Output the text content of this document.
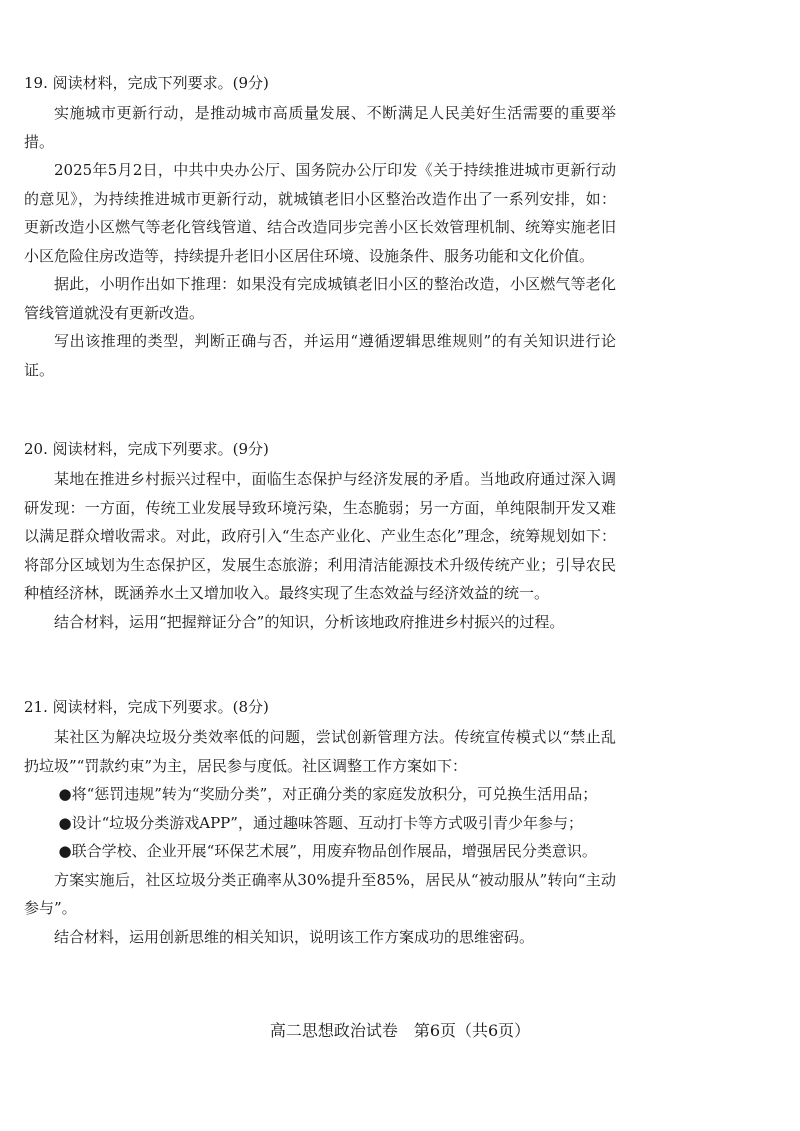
19. 阅读材料，完成下列要求。(9分)

实施城市更新行动，是推动城市高质量发展、不断满足人民美好生活需要的重要举措。

2025年5月2日，中共中央办公厅、国务院办公厅印发《关于持续推进城市更新行动的意见》，为持续推进城市更新行动，就城镇老旧小区整治改造作出了一系列安排，如：更新改造小区燃气等老化管线管道、结合改造同步完善小区长效管理机制、统筹实施老旧小区危险住房改造等，持续提升老旧小区居住环境、设施条件、服务功能和文化价值。

据此，小明作出如下推理：如果没有完成城镇老旧小区的整治改造，小区燃气等老化管线管道就没有更新改造。

写出该推理的类型，判断正确与否，并运用“遵循逻辑思维规则”的有关知识进行论证。

20. 阅读材料，完成下列要求。(9分)

某地在推进乡村振兴过程中，面临生态保护与经济发展的矛盾。当地政府通过深入调研发现：一方面，传统工业发展导致环境污染，生态脆弱；另一方面，单纯限制开发又难以满足群众增收需求。对此，政府引入“生态产业化、产业生态化”理念，统筹规划如下：将部分区域划为生态保护区，发展生态旅游；利用清洁能源技术升级传统产业；引导农民种植经济林，既涵养水土又增加收入。最终实现了生态效益与经济效益的统一。

结合材料，运用“把握辩证分合”的知识，分析该地政府推进乡村振兴的过程。

21. 阅读材料，完成下列要求。(8分)

某社区为解决垃圾分类效率低的问题，尝试创新管理方法。传统宣传模式以“禁止乱扔垃圾”“罚款约束”为主，居民参与度低。社区调整工作方案如下：

●将“惩罚违规”转为“奖励分类”，对正确分类的家庭发放积分，可兑换生活用品；

●设计“垃圾分类游戏APP”，通过趣味答题、互动打卡等方式吸引青少年参与；

●联合学校、企业开展“环保艺术展”，用废弃物品创作展品，增强居民分类意识。

方案实施后，社区垃圾分类正确率从30%提升至85%，居民从“被动服从”转向“主动参与”。

结合材料，运用创新思维的相关知识，说明该工作方案成功的思维密码。

高二思想政治试卷　第6页（共6页）
